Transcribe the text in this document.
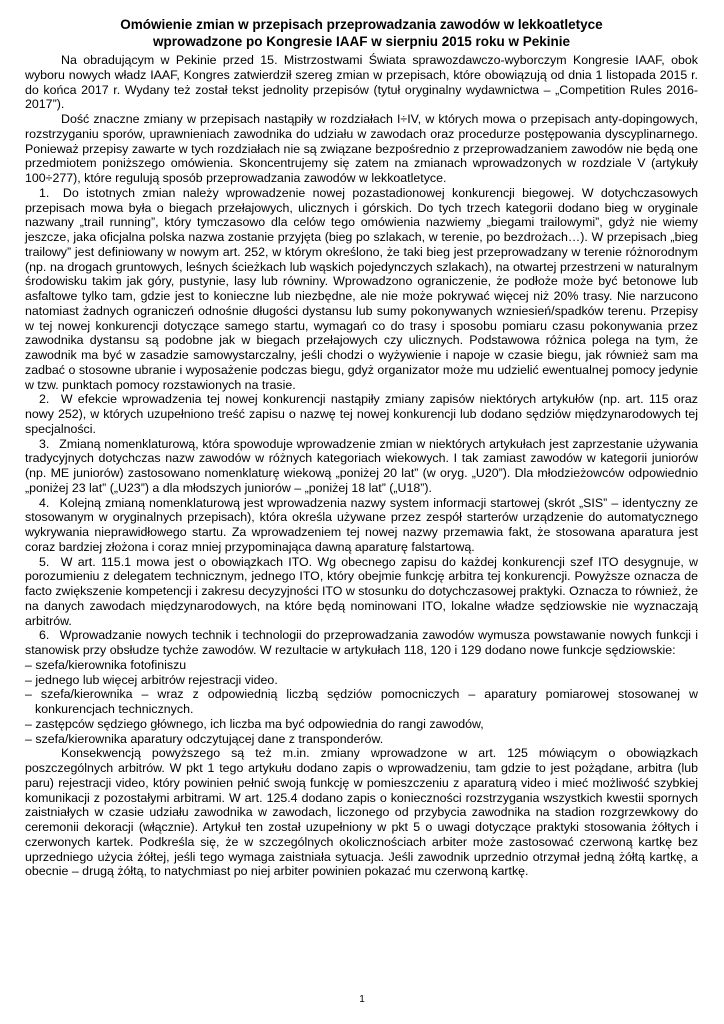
Omówienie zmian w przepisach przeprowadzania zawodów w lekkoatletyce
wprowadzone po Kongresie IAAF w sierpniu 2015 roku w Pekinie

Na obradującym w Pekinie przed 15. Mistrzostwami Świata sprawozdawczo-wyborczym Kongresie IAAF, obok wyboru nowych władz IAAF, Kongres zatwierdził szereg zmian w przepisach, które obowiązują od dnia 1 listopada 2015 r. do końca 2017 r. Wydany też został tekst jednolity przepisów (tytuł oryginalny wydawnictwa – „Competition Rules 2016-2017”).

Dość znaczne zmiany w przepisach nastąpiły w rozdziałach I÷IV, w których mowa o przepisach anty-dopingowych, rozstrzyganiu sporów, uprawnieniach zawodnika do udziału w zawodach oraz procedurze postępowania dyscyplinarnego. Ponieważ przepisy zawarte w tych rozdziałach nie są związane bezpośrednio z przeprowadzaniem zawodów nie będą one przedmiotem poniższego omówienia. Skoncentrujemy się zatem na zmianach wprowadzonych w rozdziale V (artykuły 100÷277), które regulują sposób przeprowadzania zawodów w lekkoatletyce.

1.  Do istotnych zmian należy wprowadzenie nowej pozastadionowej konkurencji biegowej. W dotychczasowych przepisach mowa była o biegach przełajowych, ulicznych i górskich. Do tych trzech kategorii dodano bieg w oryginale nazwany „trail running”, który tymczasowo dla celów tego omówienia nazwiemy „biegami trailowymi”, gdyż nie wiemy jeszcze, jaka oficjalna polska nazwa zostanie przyjęta (bieg po szlakach, w terenie, po bezdrożach…). W przepisach „bieg trailowy” jest definiowany w nowym art. 252, w którym określono, że taki bieg jest przeprowadzany w terenie różnorodnym (np. na drogach gruntowych, leśnych ścieżkach lub wąskich pojedynczych szlakach), na otwartej przestrzeni w naturalnym środowisku takim jak góry, pustynie, lasy lub równiny. Wprowadzono ograniczenie, że podłoże może być betonowe lub asfaltowe tylko tam, gdzie jest to konieczne lub niezbędne, ale nie może pokrywać więcej niż 20% trasy. Nie narzucono natomiast żadnych ograniczeń odnośnie długości dystansu lub sumy pokonywanych wzniesień/spadków terenu. Przepisy w tej nowej konkurencji dotyczące samego startu, wymagań co do trasy i sposobu pomiaru czasu pokonywania przez zawodnika dystansu są podobne jak w biegach przełajowych czy ulicznych. Podstawowa różnica polega na tym, że zawodnik ma być w zasadzie samowystarczalny, jeśli chodzi o wyżywienie i napoje w czasie biegu, jak również sam ma zadbać o stosowne ubranie i wyposażenie podczas biegu, gdyż organizator może mu udzielić ewentualnej pomocy jedynie w tzw. punktach pomocy rozstawionych na trasie.

2.  W efekcie wprowadzenia tej nowej konkurencji nastąpiły zmiany zapisów niektórych artykułów (np. art. 115 oraz nowy 252), w których uzupełniono treść zapisu o nazwę tej nowej konkurencji lub dodano sędziów międzynarodowych tej specjalności.

3.  Zmianą nomenklaturową, która spowoduje wprowadzenie zmian w niektórych artykułach jest zaprzestanie używania tradycyjnych dotychczas nazw zawodów w różnych kategoriach wiekowych. I tak zamiast zawodów w kategorii juniorów (np. ME juniorów) zastosowano nomenklaturę wiekową „poniżej 20 lat” (w oryg. „U20”). Dla młodzieżowców odpowiednio „poniżej 23 lat” („U23”) a dla młodszych juniorów – „poniżej 18 lat” („U18”).

4.  Kolejną zmianą nomenklaturową jest wprowadzenia nazwy system informacji startowej (skrót „SIS” – identyczny ze stosowanym w oryginalnych przepisach), która określa używane przez zespół starterów urządzenie do automatycznego wykrywania nieprawidłowego startu. Za wprowadzeniem tej nowej nazwy przemawia fakt, że stosowana aparatura jest coraz bardziej złożona i coraz mniej przypominająca dawną aparaturę falstartową.

5.  W art. 115.1 mowa jest o obowiązkach ITO. Wg obecnego zapisu do każdej konkurencji szef ITO desygnuje, w porozumieniu z delegatem technicznym, jednego ITO, który obejmie funkcję arbitra tej konkurencji. Powyższe oznacza de facto zwiększenie kompetencji i zakresu decyzyjności ITO w stosunku do dotychczasowej praktyki. Oznacza to również, że na danych zawodach międzynarodowych, na które będą nominowani ITO, lokalne władze sędziowskie nie wyznaczają arbitrów.

6.  Wprowadzanie nowych technik i technologii do przeprowadzania zawodów wymusza powstawanie nowych funkcji i stanowisk przy obsłudze tychże zawodów. W rezultacie w artykułach 118, 120 i 129 dodano nowe funkcje sędziowskie:

– szefa/kierownika fotofiniszu

– jednego lub więcej arbitrów rejestracji video.

– szefa/kierownika – wraz z odpowiednią liczbą sędziów pomocniczych – aparatury pomiarowej stosowanej w konkurencjach technicznych.

– zastępców sędziego głównego, ich liczba ma być odpowiednia do rangi zawodów,

– szefa/kierownika aparatury odczytującej dane z transponderów.

Konsekwencją powyższego są też m.in. zmiany wprowadzone w art. 125 mówiącym o obowiązkach poszczególnych arbitrów. W pkt 1 tego artykułu dodano zapis o wprowadzeniu, tam gdzie to jest pożądane, arbitra (lub paru) rejestracji video, który powinien pełnić swoją funkcję w pomieszczeniu z aparaturą video i mieć możliwość szybkiej komunikacji z pozostałymi arbitrami. W art. 125.4 dodano zapis o konieczności rozstrzygania wszystkich kwestii spornych zaistniałych w czasie udziału zawodnika w zawodach, liczonego od przybycia zawodnika na stadion rozgrzewkowy do ceremonii dekoracji (włącznie). Artykuł ten został uzupełniony w pkt 5 o uwagi dotyczące praktyki stosowania żółtych i czerwonych kartek. Podkreśla się, że w szczególnych okolicznościach arbiter może zastosować czerwoną kartkę bez uprzedniego użycia żółtej, jeśli tego wymaga zaistniała sytuacja. Jeśli zawodnik uprzednio otrzymał jedną żółtą kartkę, a obecnie – drugą żółtą, to natychmiast po niej arbiter powinien pokazać mu czerwoną kartkę.

1
